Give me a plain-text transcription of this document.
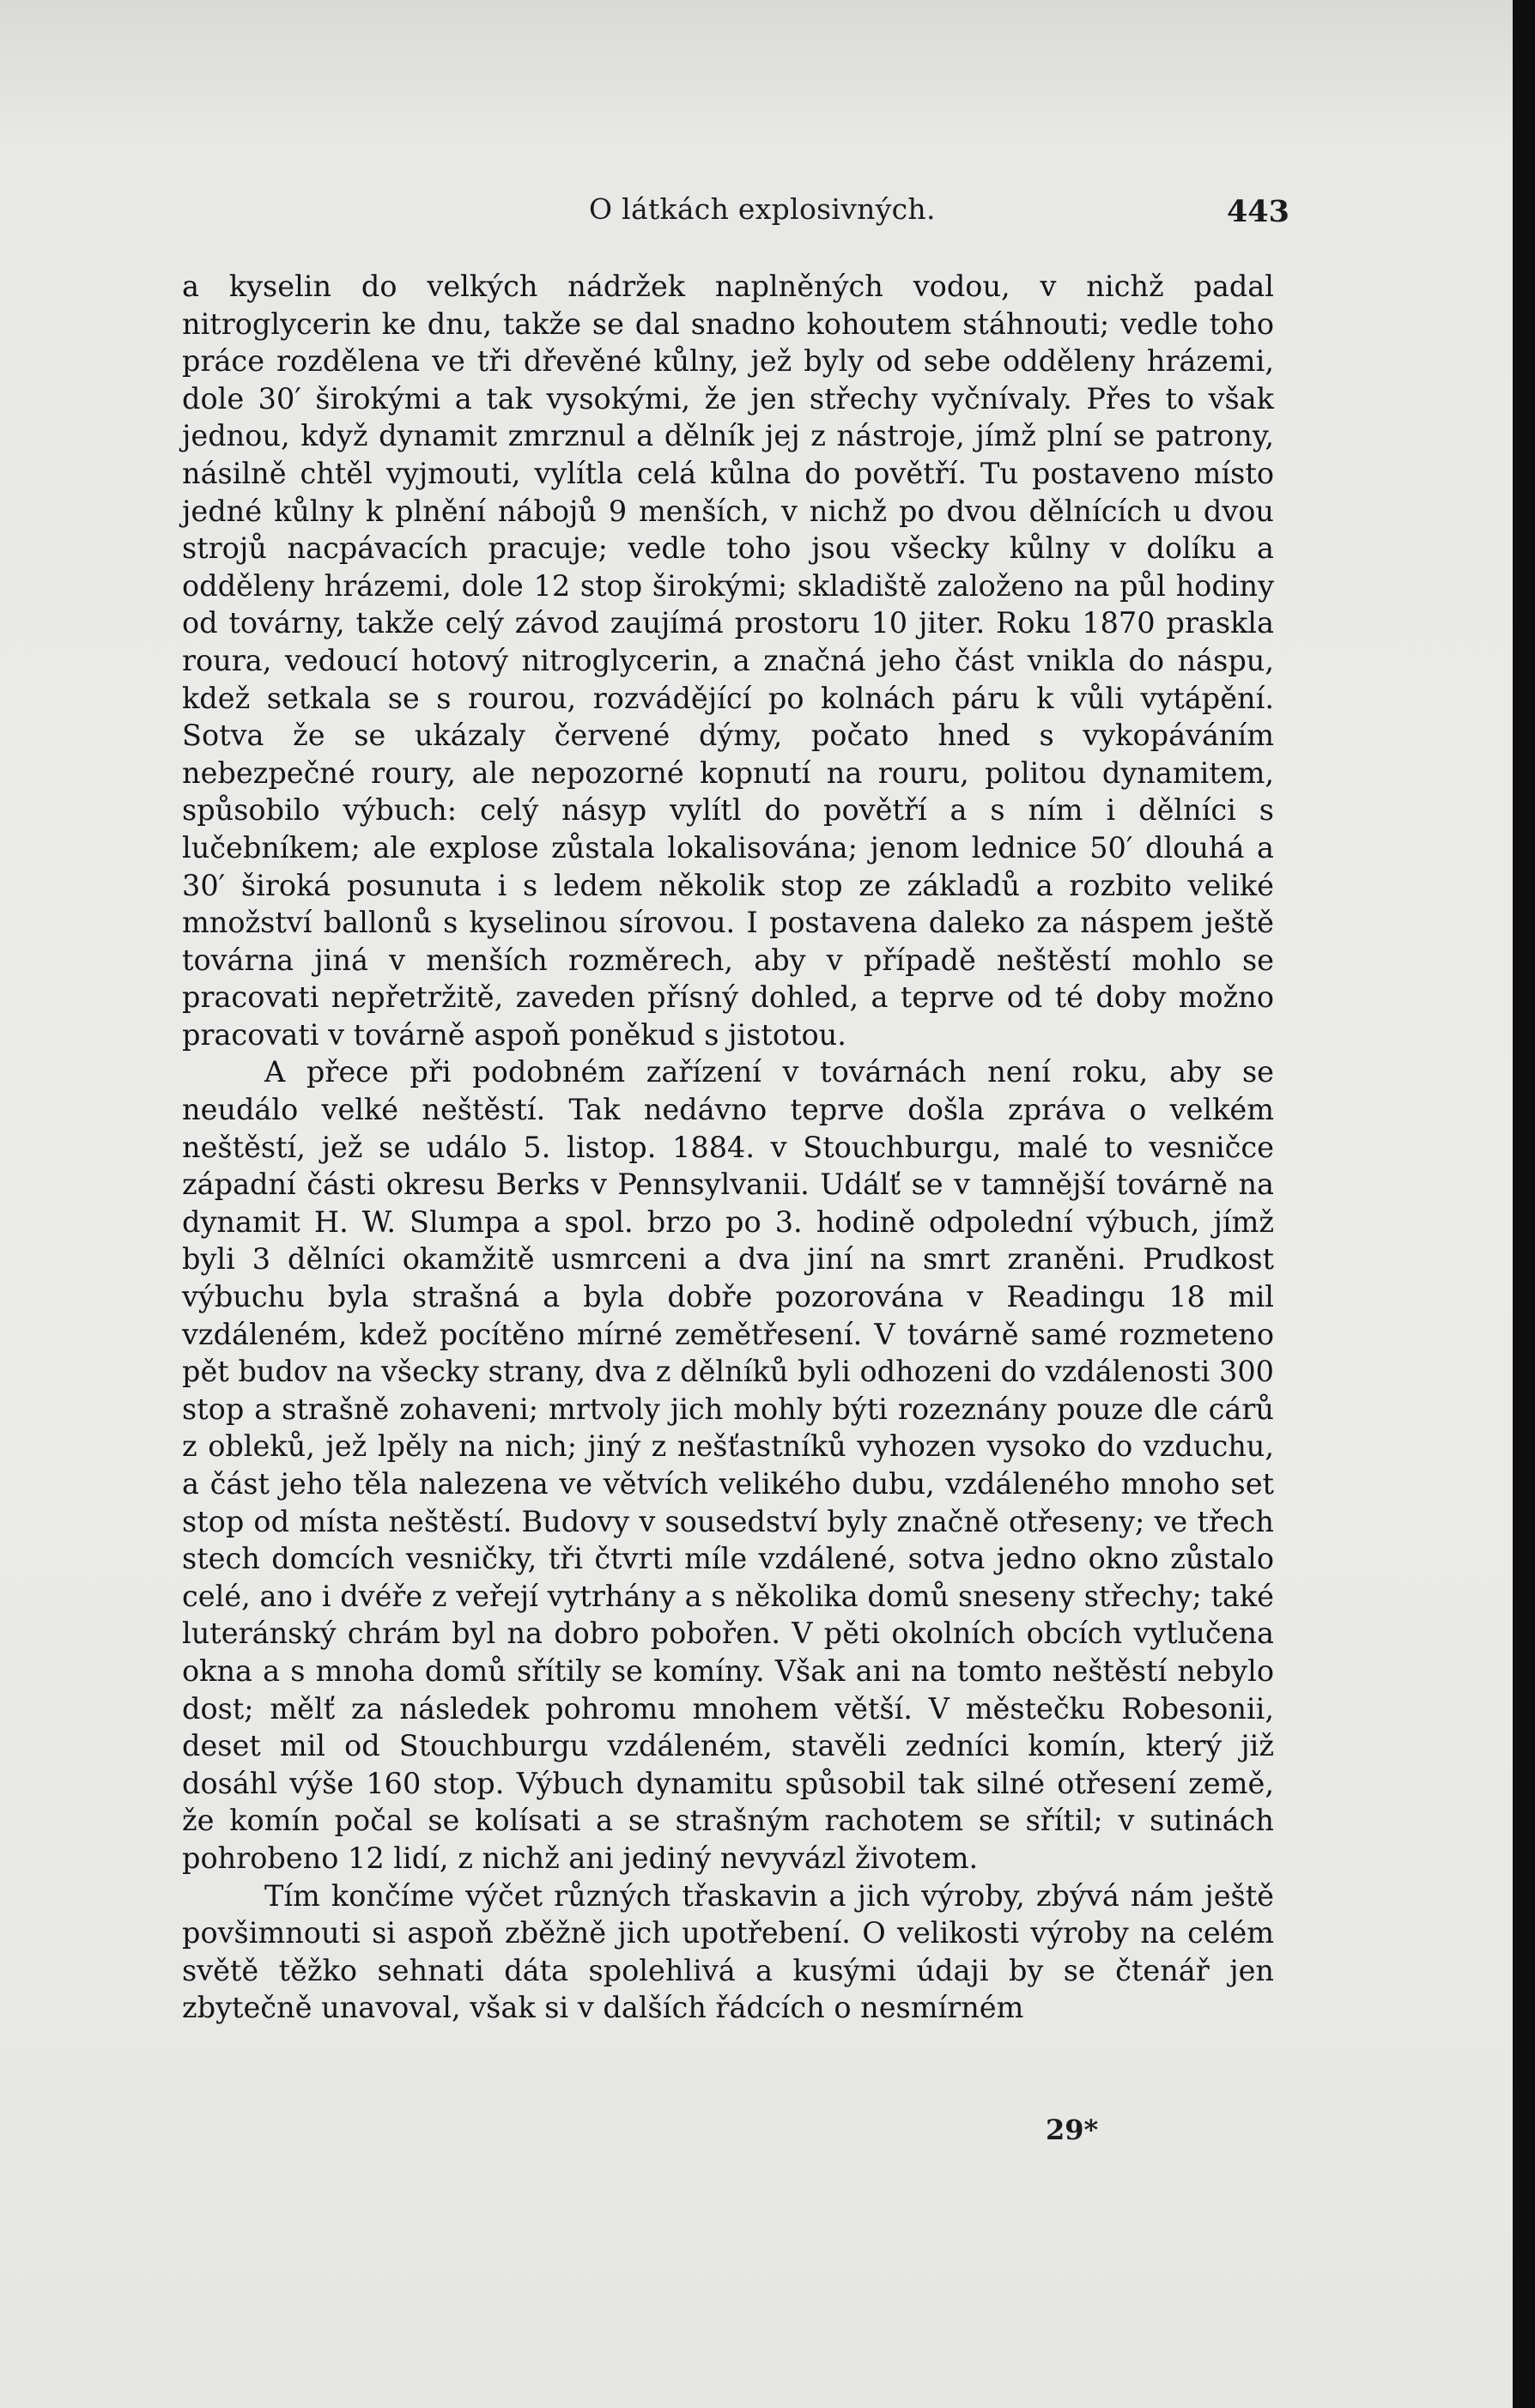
O látkách explosivných.	443

a kyselin do velkých nádržek naplněných vodou, v nichž padal nitroglycerin ke dnu, takže se dal snadno kohoutem stáhnouti; vedle toho práce rozdělena ve tři dřevěné kůlny, jež byly od sebe odděleny hrázemi, dole 30′ širokými a tak vysokými, že jen střechy vyčnívaly. Přes to však jednou, když dynamit zmrznul a dělník jej z nástroje, jímž plní se patrony, násilně chtěl vyjmouti, vylítla celá kůlna do povětří. Tu postaveno místo jedné kůlny k plnění nábojů 9 menších, v nichž po dvou dělnících u dvou strojů nacpávacích pracuje; vedle toho jsou všecky kůlny v dolíku a odděleny hrázemi, dole 12 stop širokými; skladiště založeno na půl hodiny od továrny, takže celý závod zaujímá prostoru 10 jiter. Roku 1870 praskla roura, vedoucí hotový nitroglycerin, a značná jeho část vnikla do náspu, kdež setkala se s rourou, rozvádějící po kolnách páru k vůli vytápění. Sotva že se ukázaly červené dýmy, počato hned s vykopáváním nebezpečné roury, ale nepozorné kopnutí na rouru, politou dynamitem, spůsobilo výbuch: celý násyp vylítl do povětří a s ním i dělníci s lučebníkem; ale explose zůstala lokalisována; jenom lednice 50′ dlouhá a 30′ široká posunuta i s ledem několik stop ze základů a rozbito veliké množství ballonů s kyselinou sírovou. I postavena daleko za náspem ještě továrna jiná v menších rozměrech, aby v případě neštěstí mohlo se pracovati nepřetržitě, zaveden přísný dohled, a teprve od té doby možno pracovati v továrně aspoň poněkud s jistotou.

A přece při podobném zařízení v továrnách není roku, aby se neudálo velké neštěstí. Tak nedávno teprve došla zpráva o velkém neštěstí, jež se událo 5. listop. 1884. v Stouchburgu, malé to vesničce západní části okresu Berks v Pennsylvanii. Událť se v tamnější továrně na dynamit H. W. Slumpa a spol. brzo po 3. hodině odpolední výbuch, jímž byli 3 dělníci okamžitě usmrceni a dva jiní na smrt zraněni. Prudkost výbuchu byla strašná a byla dobře pozorována v Readingu 18 mil vzdáleném, kdež pocítěno mírné zemětřesení. V továrně samé rozmeteno pět budov na všecky strany, dva z dělníků byli odhozeni do vzdálenosti 300 stop a strašně zohaveni; mrtvoly jich mohly býti rozeznány pouze dle cárů z obleků, jež lpěly na nich; jiný z nešťastníků vyhozen vysoko do vzduchu, a část jeho těla nalezena ve větvích velikého dubu, vzdáleného mnoho set stop od místa neštěstí. Budovy v sousedství byly značně otřeseny; ve třech stech domcích vesničky, tři čtvrti míle vzdálené, sotva jedno okno zůstalo celé, ano i dvéře z veřejí vytrhány a s několika domů sneseny střechy; také luteránský chrám byl na dobro pobořen. V pěti okolních obcích vytlučena okna a s mnoha domů sřítily se komíny. Však ani na tomto neštěstí nebylo dost; mělť za následek pohromu mnohem větší. V městečku Robesonii, deset mil od Stouchburgu vzdáleném, stavěli zedníci komín, který již dosáhl výše 160 stop. Výbuch dynamitu spůsobil tak silné otřesení země, že komín počal se kolísati a se strašným rachotem se sřítil; v sutinách pohrobeno 12 lidí, z nichž ani jediný nevyvázl životem.

Tím končíme výčet různých třaskavin a jich výroby, zbývá nám ještě povšimnouti si aspoň zběžně jich upotřebení. O velikosti výroby na celém světě těžko sehnati dáta spolehlivá a kusými údaji by se čtenář jen zbytečně unavoval, však si v dalších řádcích o nesmírném

29*
